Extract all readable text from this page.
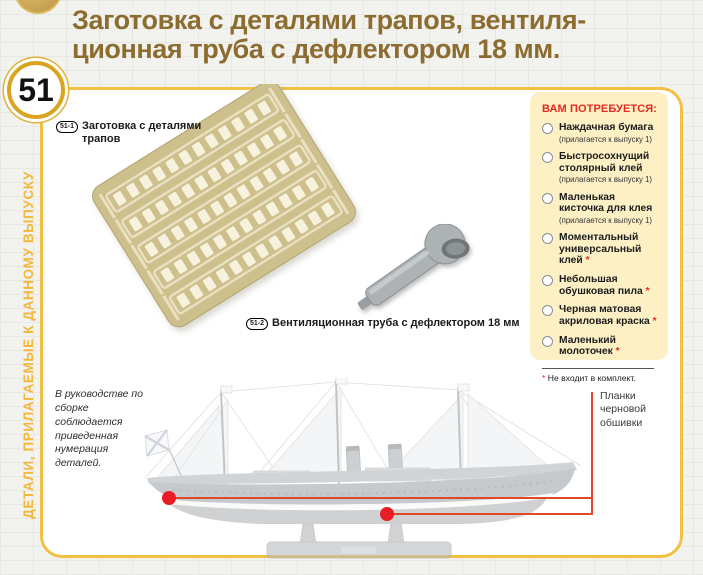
Заготовка с деталями трапов, вентиля-
ционная труба с дефлектором 18 мм.
51
ДЕТАЛИ, ПРИЛАГАЕМЫЕ К ДАННОМУ ВЫПУСКУ
51-1 Заготовка с деталями трапов
51-2 Вентиляционная труба с дефлектором 18 мм
ВАМ ПОТРЕБУЕТСЯ:
Наждачная бумага
(прилагается к выпуску 1)
Быстросохнущий столярный клей
(прилагается к выпуску 1)
Маленькая кисточка для клея
(прилагается к выпуску 1)
Моментальный универсальный клей *
Небольшая обушковая пила *
Черная матовая акриловая краска *
Маленький молоточек *
* Не входит в комплект.
В руководстве по сборке соблюдается приведенная нумерация деталей.
Планки черновой обшивки
